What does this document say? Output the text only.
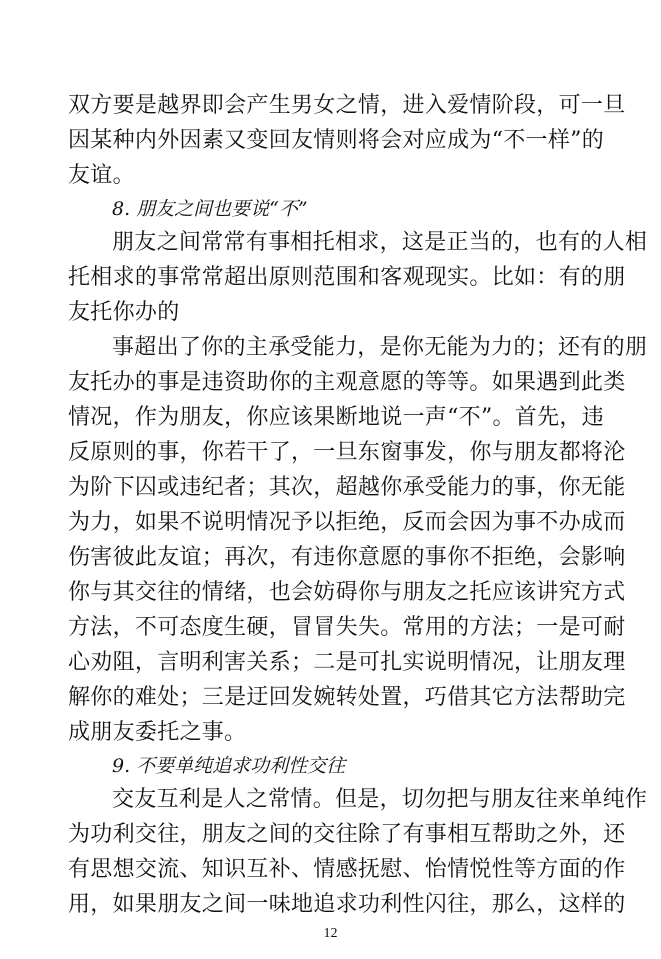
双方要是越界即会产生男女之情，进入爱情阶段，可一旦
因某种内外因素又变回友情则将会对应成为“不一样”的
友谊。
8. 朋友之间也要说“不”
朋友之间常常有事相托相求，这是正当的，也有的人相
托相求的事常常超出原则范围和客观现实。比如：有的朋
友托你办的
事超出了你的主承受能力，是你无能为力的；还有的朋
友托办的事是违资助你的主观意愿的等等。如果遇到此类
情况，作为朋友，你应该果断地说一声“不”。首先，违
反原则的事，你若干了，一旦东窗事发，你与朋友都将沦
为阶下囚或违纪者；其次，超越你承受能力的事，你无能
为力，如果不说明情况予以拒绝，反而会因为事不办成而
伤害彼此友谊；再次，有违你意愿的事你不拒绝，会影响
你与其交往的情绪，也会妨碍你与朋友之托应该讲究方式
方法，不可态度生硬，冒冒失失。常用的方法；一是可耐
心劝阻，言明利害关系；二是可扎实说明情况，让朋友理
解你的难处；三是迂回发婉转处置，巧借其它方法帮助完
成朋友委托之事。
9. 不要单纯追求功利性交往
交友互利是人之常情。但是，切勿把与朋友往来单纯作
为功利交往，朋友之间的交往除了有事相互帮助之外，还
有思想交流、知识互补、情感抚慰、怡情悦性等方面的作
用，如果朋友之间一味地追求功利性闪往，那么，这样的
12
